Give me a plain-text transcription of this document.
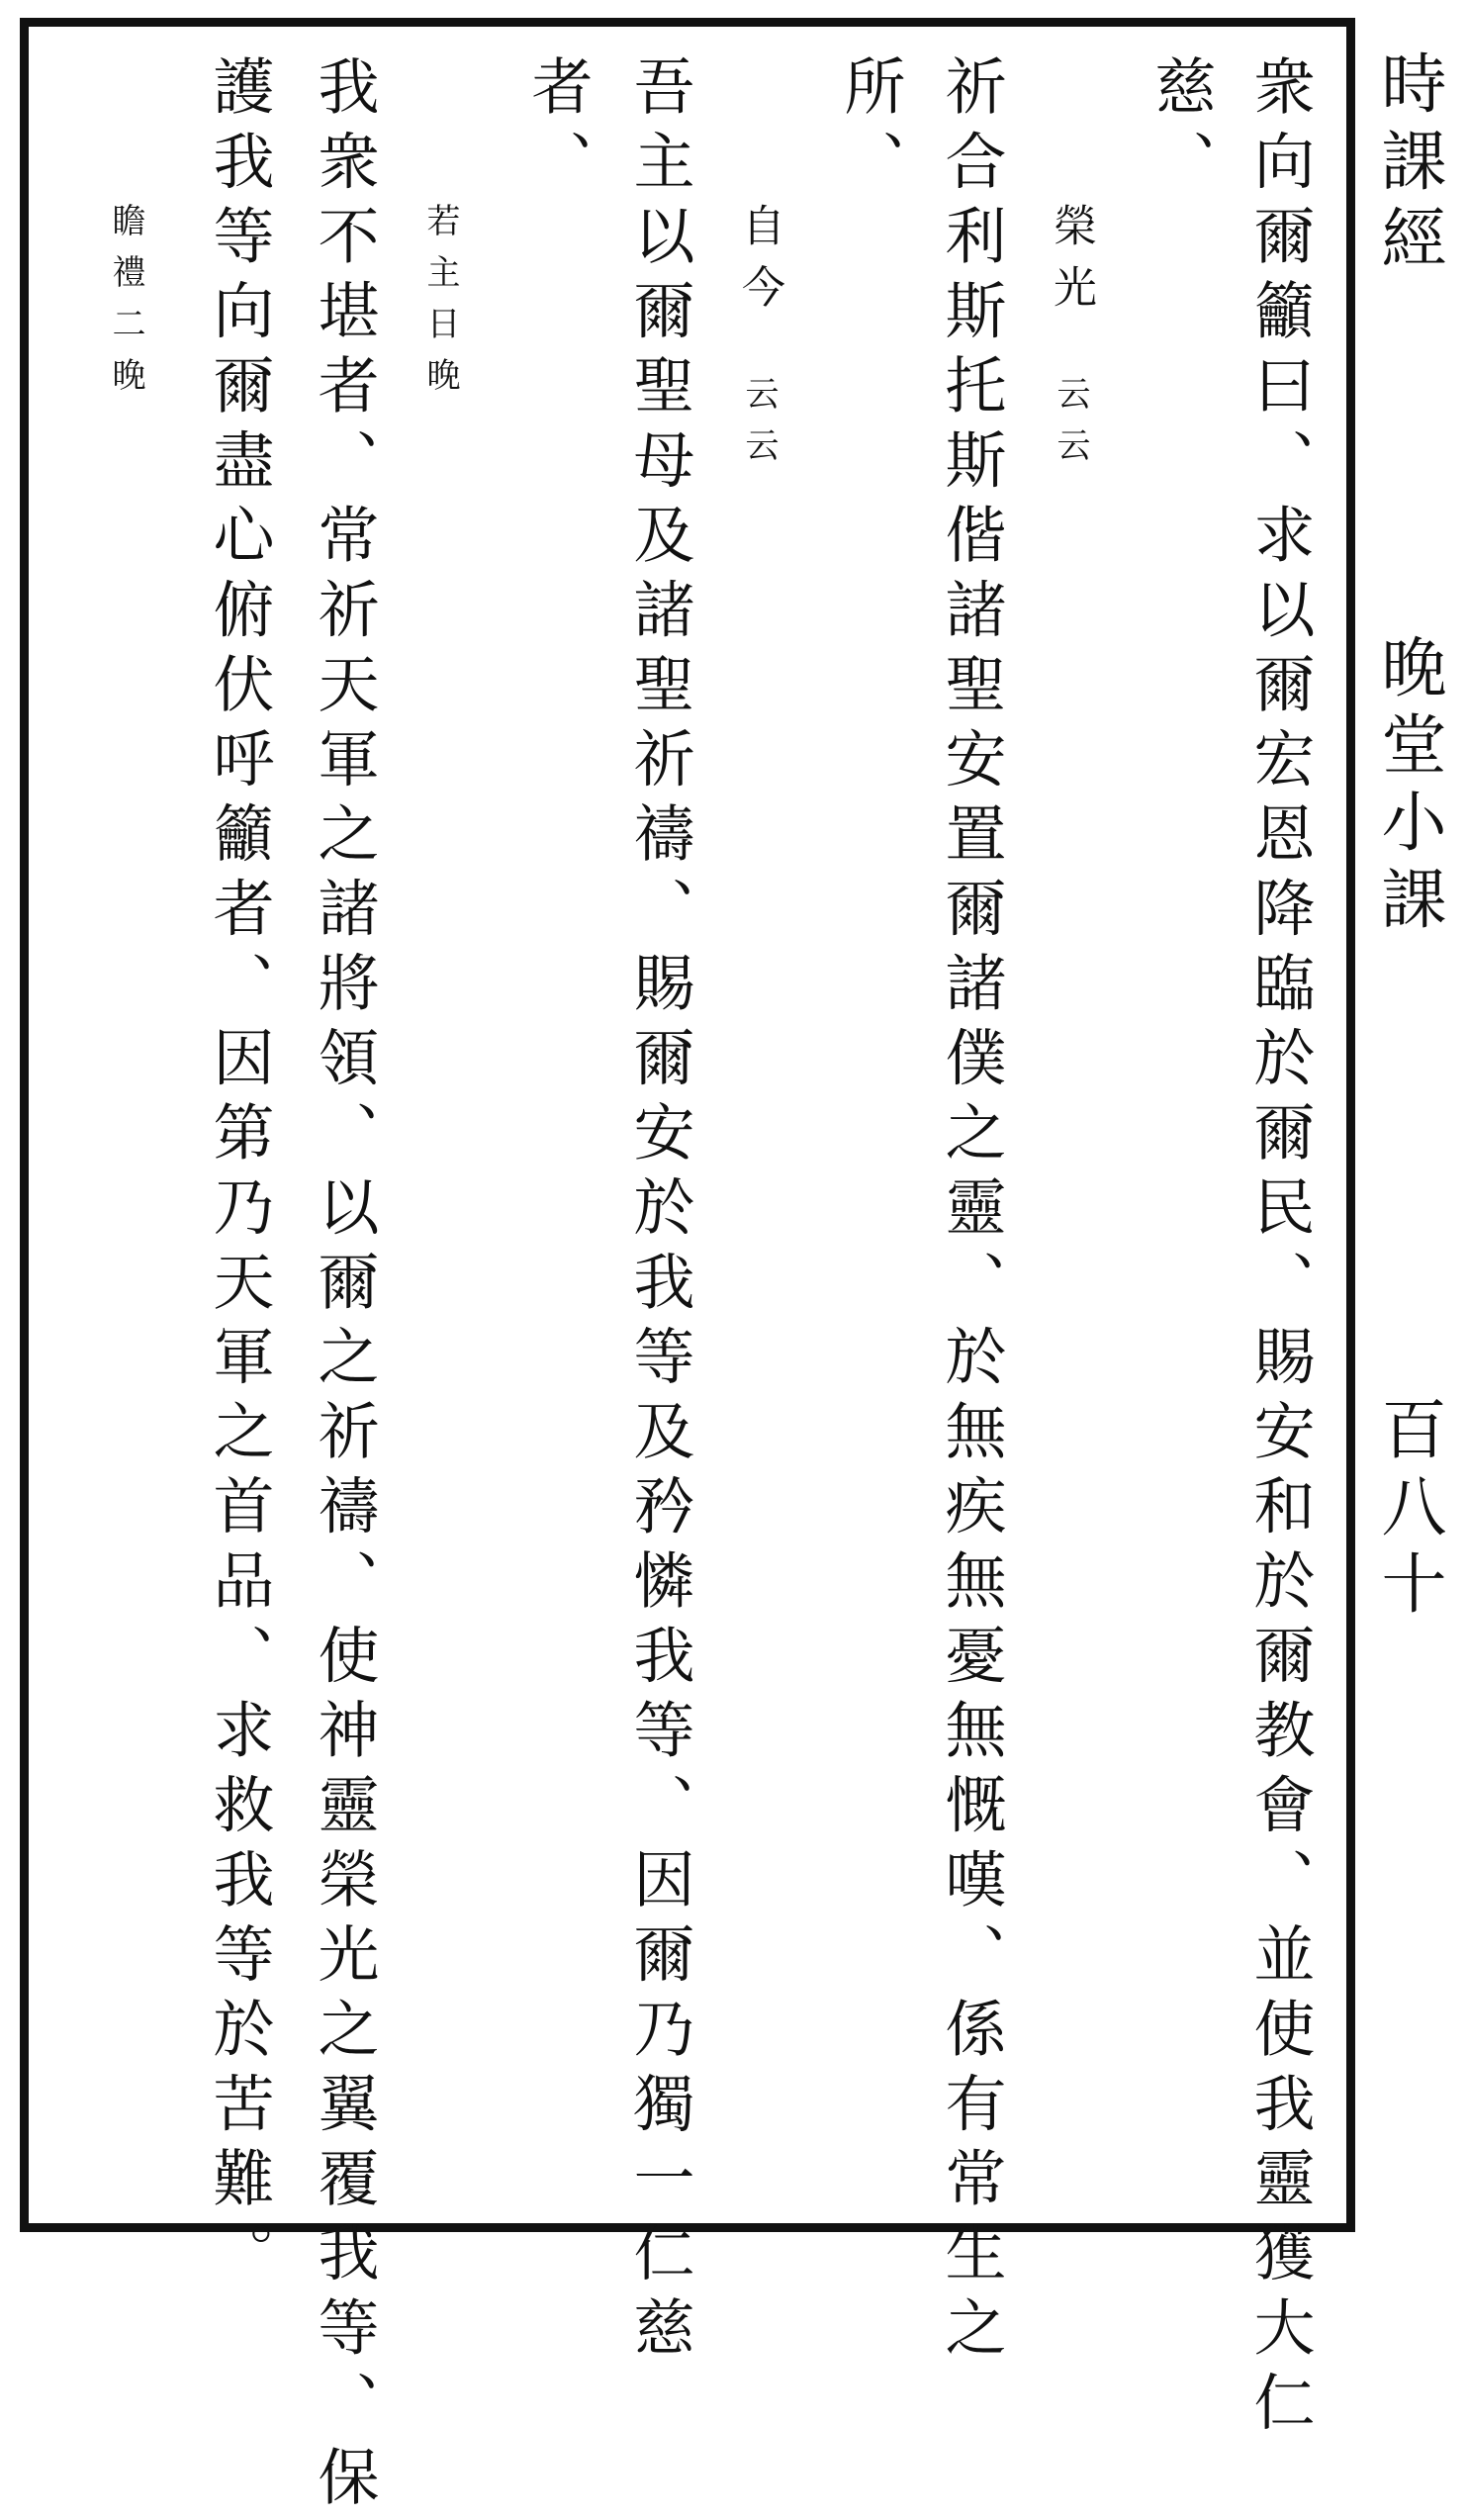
時課經
晚堂小課
百八十
衆向爾籲曰、求以爾宏恩降臨於爾民、賜安和於爾教會、並使我靈獲大仁
慈、
榮光
云云
祈合利斯托斯偕諸聖安置爾諸僕之靈、於無疾無憂無慨嘆、係有常生之
所、
自今
云云
吾主以爾聖母及諸聖祈禱、賜爾安於我等及矜憐我等、因爾乃獨一仁慈
者、
若主日晚
我衆不堪者、常祈天軍之諸將領、以爾之祈禱、使神靈榮光之翼覆我等、保
護我等向爾盡心俯伏呼籲者、因第乃天軍之首品、求救我等於苦難。
瞻禮二晚
